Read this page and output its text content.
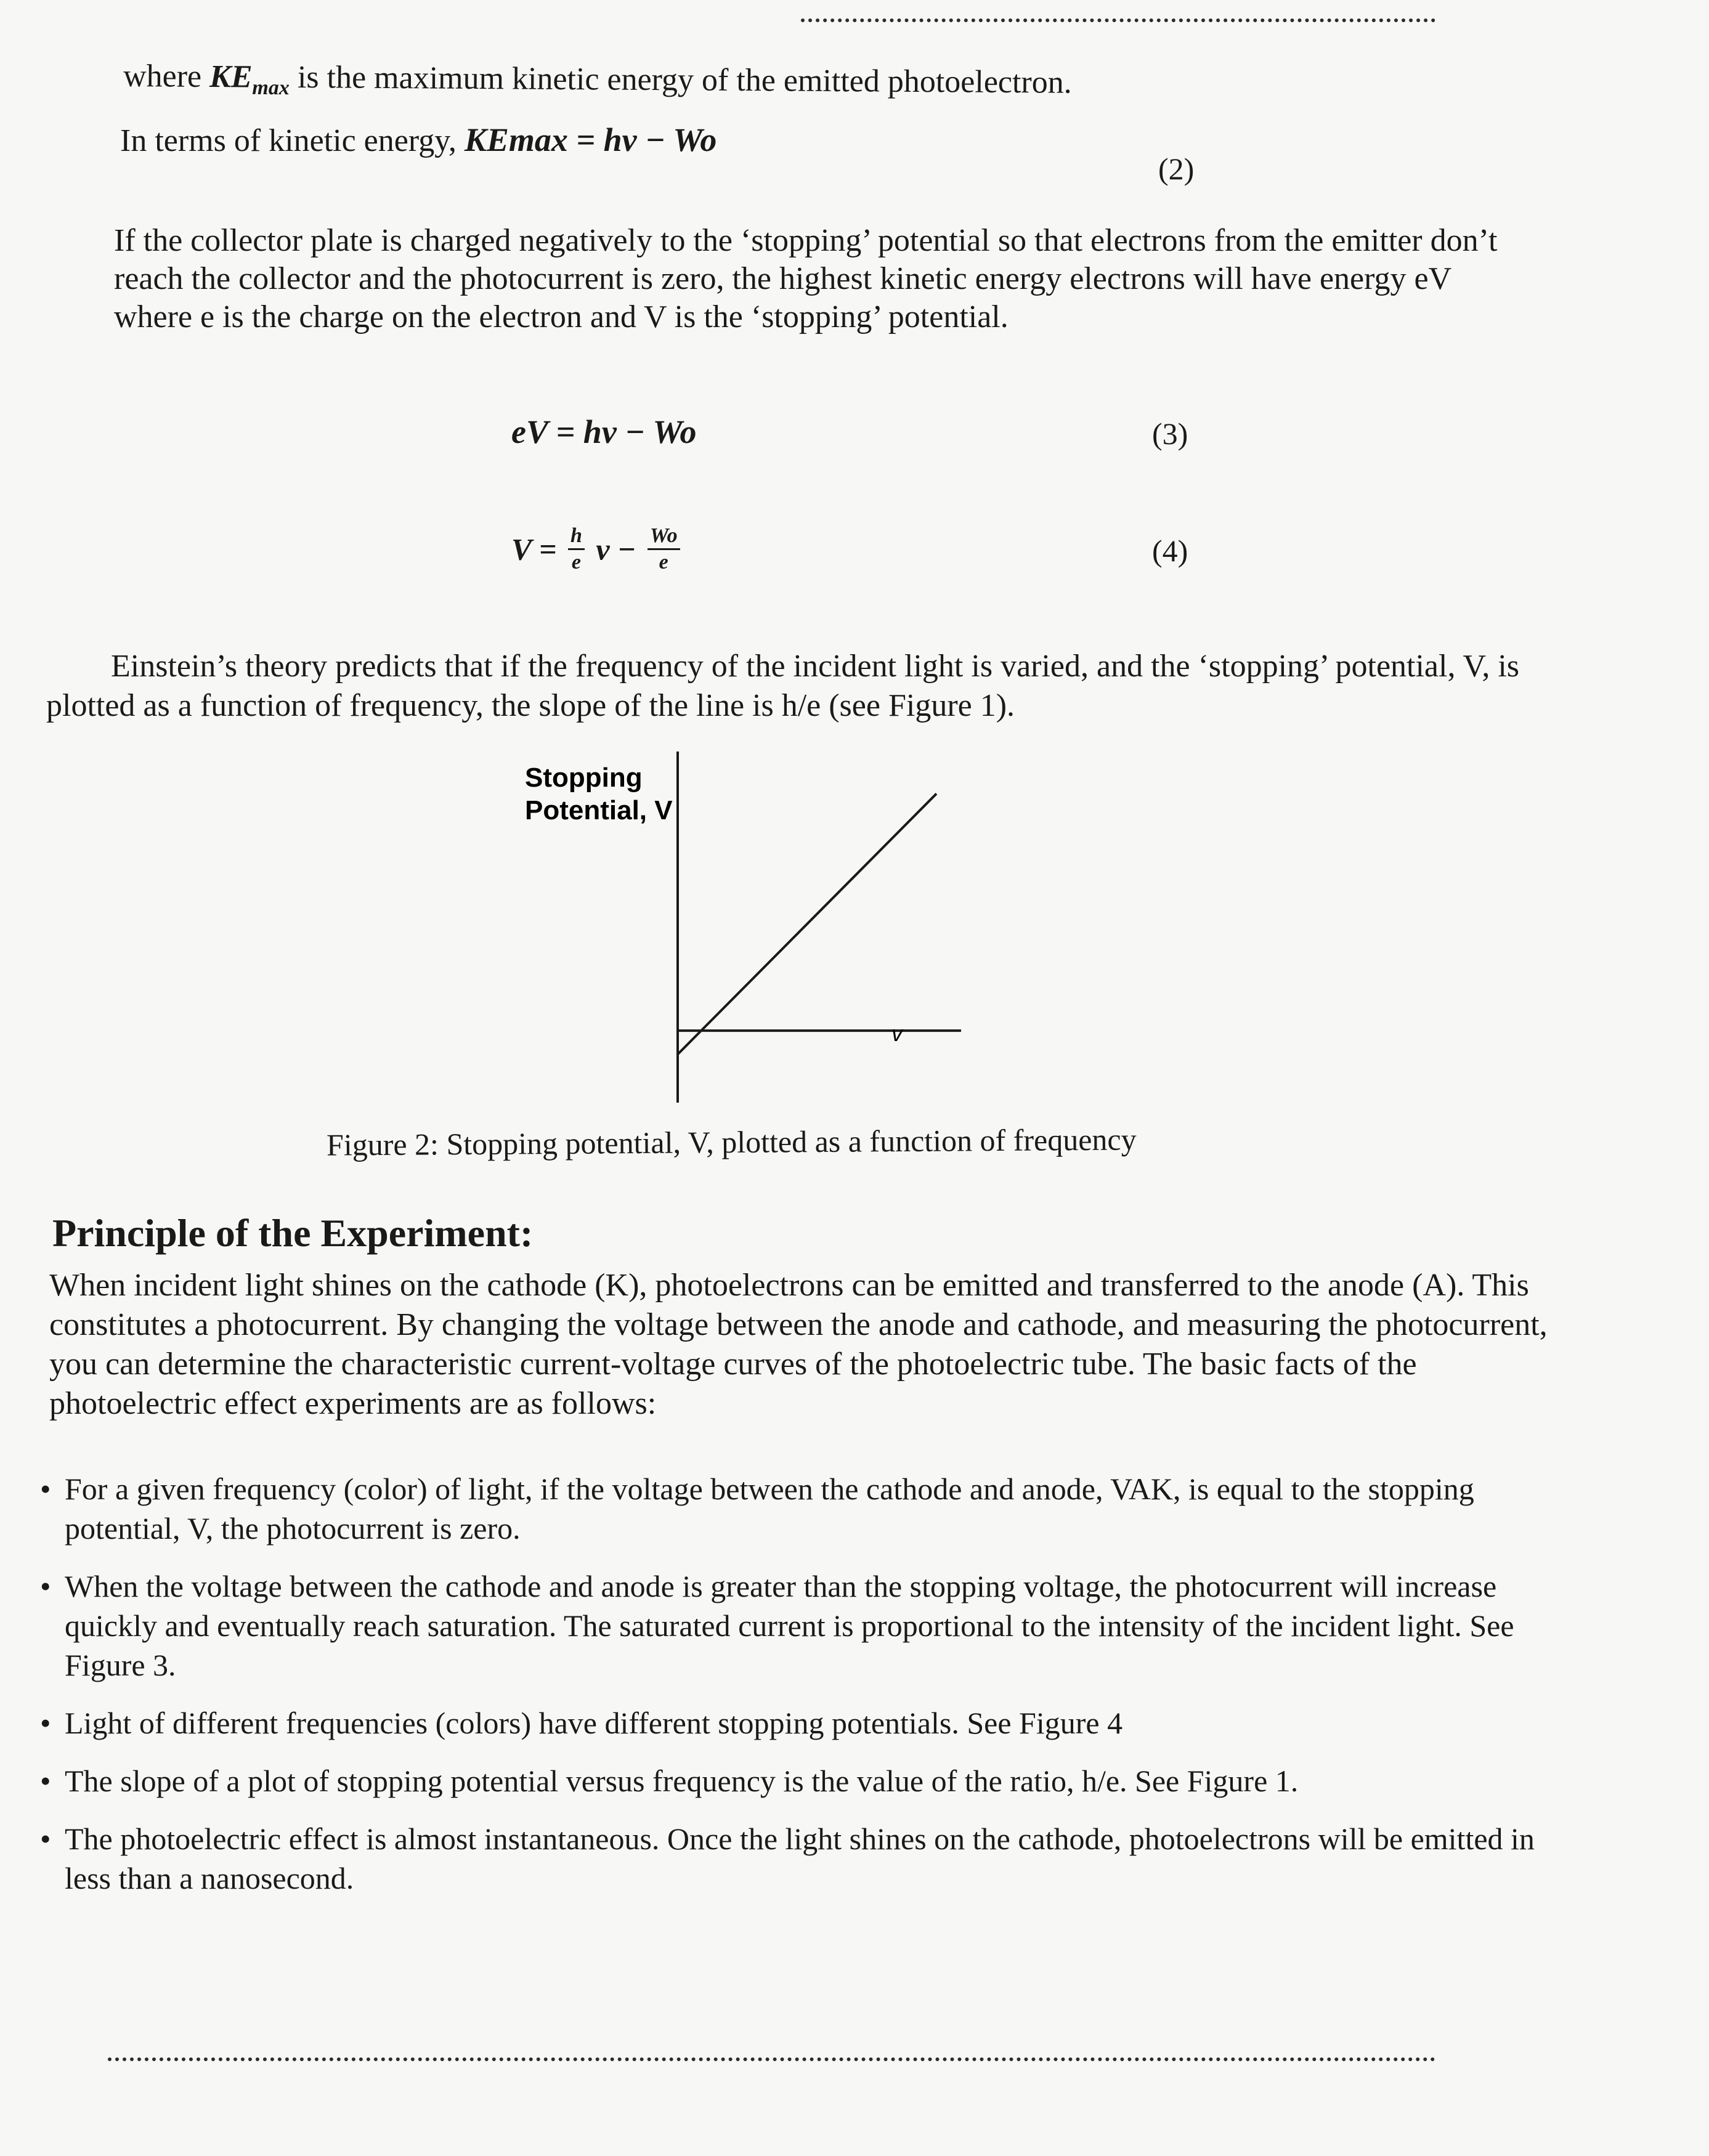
where $KE_{max}$ is the maximum kinetic energy of the emitted photoelectron.
In terms of kinetic energy, KEmax = hv − Wo
(2)
If the collector plate is charged negatively to the ‘stopping’ potential so that electrons from the emitter don’t reach the collector and the photocurrent is zero, the highest kinetic energy electrons will have energy eV where e is the charge on the electron and V is the ‘stopping’ potential.
eV = hv − Wo	(3)
$V = \frac{h}{e}$ $v - \frac{Wo}{e}$	(4)
Einstein’s theory predicts that if the frequency of the incident light is varied, and the ‘stopping’ potential, V, is plotted as a function of frequency, the slope of the line is h/e (see Figure 1).
Stopping
Potential, V
v
Figure 2: Stopping potential, V, plotted as a function of frequency
Principle of the Experiment:
When incident light shines on the cathode (K), photoelectrons can be emitted and transferred to the anode (A). This constitutes a photocurrent. By changing the voltage between the anode and cathode, and measuring the photocurrent, you can determine the characteristic current-voltage curves of the photoelectric tube. The basic facts of the photoelectric effect experiments are as follows:
• For a given frequency (color) of light, if the voltage between the cathode and anode, VAK, is equal to the stopping potential, V, the photocurrent is zero.
• When the voltage between the cathode and anode is greater than the stopping voltage, the photocurrent will increase quickly and eventually reach saturation. The saturated current is proportional to the intensity of the incident light. See Figure 3.
• Light of different frequencies (colors) have different stopping potentials. See Figure 4
• The slope of a plot of stopping potential versus frequency is the value of the ratio, h/e. See Figure 1.
• The photoelectric effect is almost instantaneous. Once the light shines on the cathode, photoelectrons will be emitted in less than a nanosecond.
